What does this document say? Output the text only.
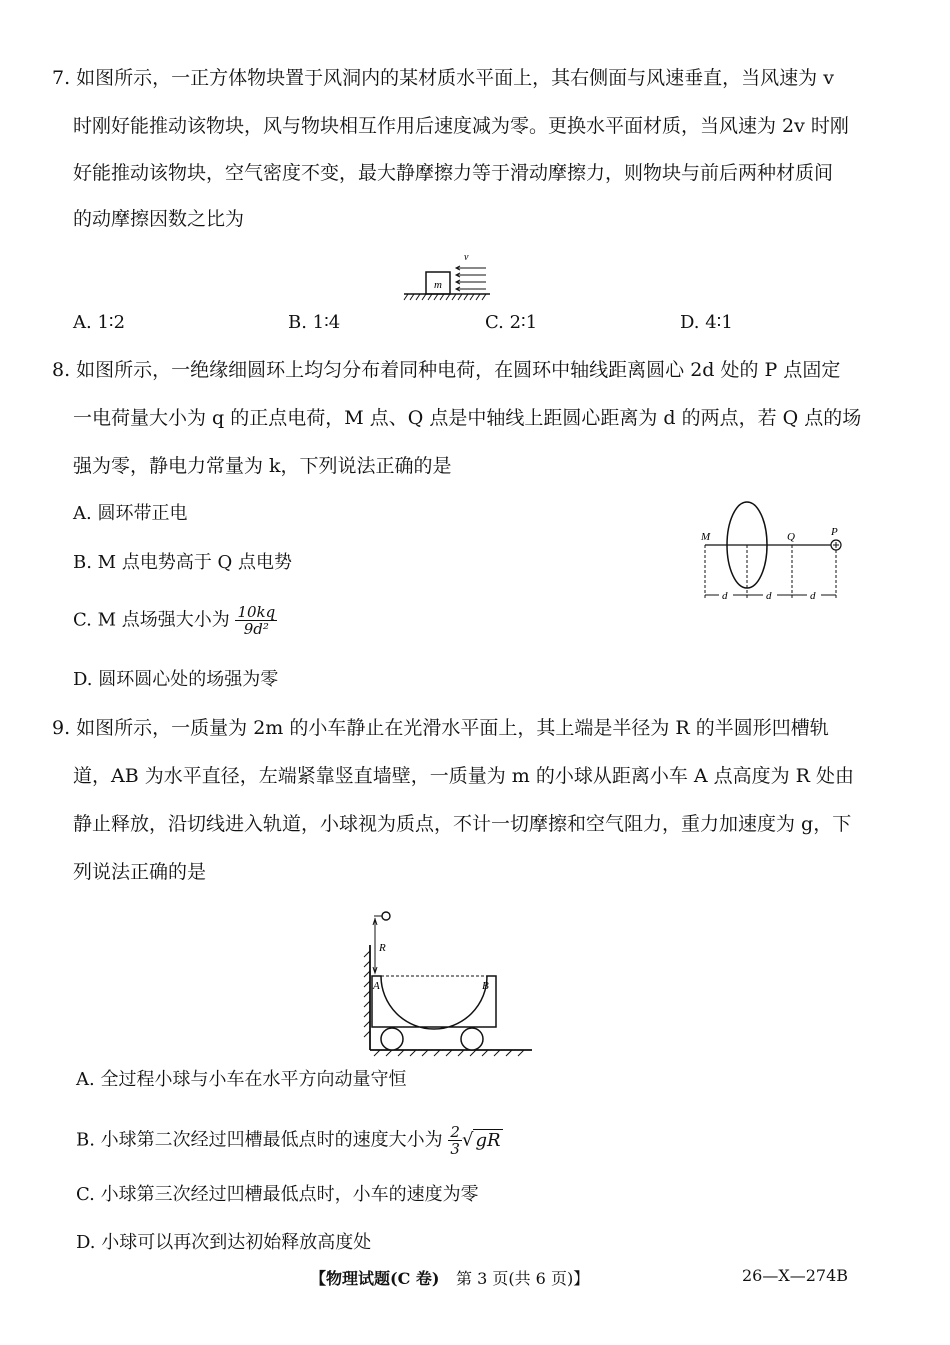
7. 如图所示，一正方体物块置于风洞内的某材质水平面上，其右侧面与风速垂直，当风速为 v
时刚好能推动该物块，风与物块相互作用后速度减为零。更换水平面材质，当风速为 2v 时刚
好能推动该物块，空气密度不变，最大静摩擦力等于滑动摩擦力，则物块与前后两种材质间
的动摩擦因数之比为
m
v
A. 1∶2	B. 1∶4	C. 2∶1	D. 4∶1
8. 如图所示，一绝缘细圆环上均匀分布着同种电荷，在圆环中轴线距离圆心 2d 处的 P 点固定
一电荷量大小为 q 的正点电荷，M 点、Q 点是中轴线上距圆心距离为 d 的两点，若 Q 点的场
强为零，静电力常量为 k，下列说法正确的是
A. 圆环带正电
B. M 点电势高于 Q 点电势
C. M 点场强大小为 $\frac{10kq}{\text{9d²}}$
D. 圆环圆心处的场强为零
M	Q	P
d	d	d
9. 如图所示，一质量为 2m 的小车静止在光滑水平面上，其上端是半径为 R 的半圆形凹槽轨
道，AB 为水平直径，左端紧靠竖直墙壁，一质量为 m 的小球从距离小车 A 点高度为 R 处由
静止释放，沿切线进入轨道，小球视为质点，不计一切摩擦和空气阻力，重力加速度为 g，下
列说法正确的是
R
A	B
A. 全过程小球与小车在水平方向动量守恒
B. 小球第二次经过凹槽最低点时的速度大小为 $\frac{2}{3}$ √ gR
C. 小球第三次经过凹槽最低点时，小车的速度为零
D. 小球可以再次到达初始释放高度处
【物理试题(C 卷) 第 3 页(共 6 页)】	26—X—274B
